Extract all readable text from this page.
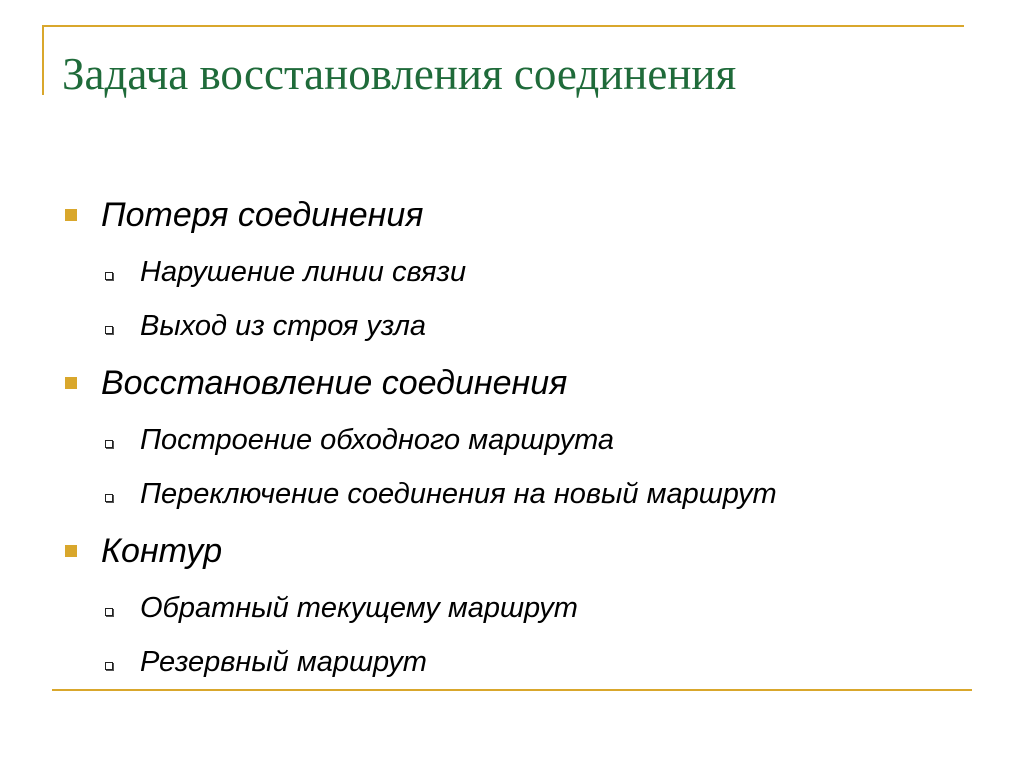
Задача восстановления соединения
Потеря соединения
Нарушение линии связи
Выход из строя узла
Восстановление соединения
Построение обходного маршрута
Переключение соединения на новый маршрут
Контур
Обратный текущему маршрут
Резервный маршрут
